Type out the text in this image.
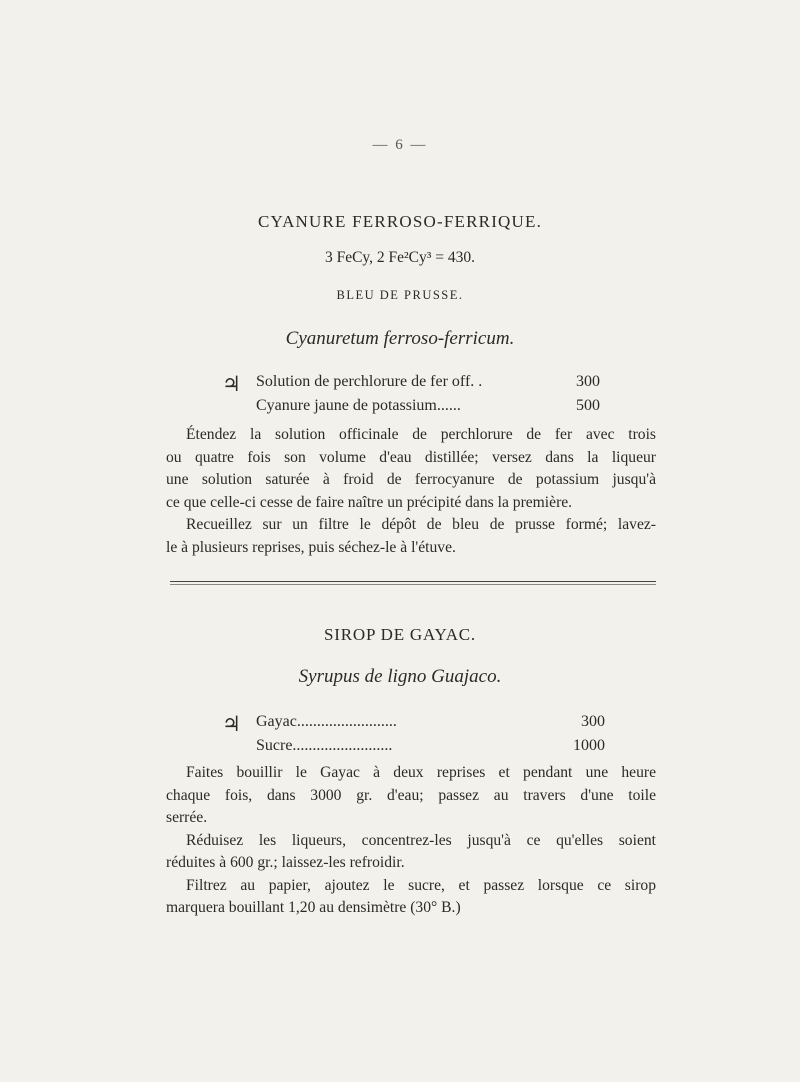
— 6 —
CYANURE FERROSO-FERRIQUE.
3 FeCy, 2 Fe²Cy³ = 430.
BLEU DE PRUSSE.
Cyanuretum ferroso-ferricum.
♃ Solution de perchlorure de fer off. .	300
Cyanure jaune de potassium......	500
Étendez la solution officinale de perchlorure de fer avec trois
ou quatre fois son volume d'eau distillée; versez dans la liqueur
une solution saturée à froid de ferrocyanure de potassium jusqu'à
ce que celle-ci cesse de faire naître un précipité dans la première.
Recueillez sur un filtre le dépôt de bleu de prusse formé; lavez-
le à plusieurs reprises, puis séchez-le à l'étuve.
SIROP DE GAYAC.
Syrupus de ligno Guajaco.
♃ Gayac.........................	300
Sucre.........................	1000
Faites bouillir le Gayac à deux reprises et pendant une heure
chaque fois, dans 3000 gr. d'eau; passez au travers d'une toile
serrée.
Réduisez les liqueurs, concentrez-les jusqu'à ce qu'elles soient
réduites à 600 gr.; laissez-les refroidir.
Filtrez au papier, ajoutez le sucre, et passez lorsque ce sirop
marquera bouillant 1,20 au densimètre (30° B.)
